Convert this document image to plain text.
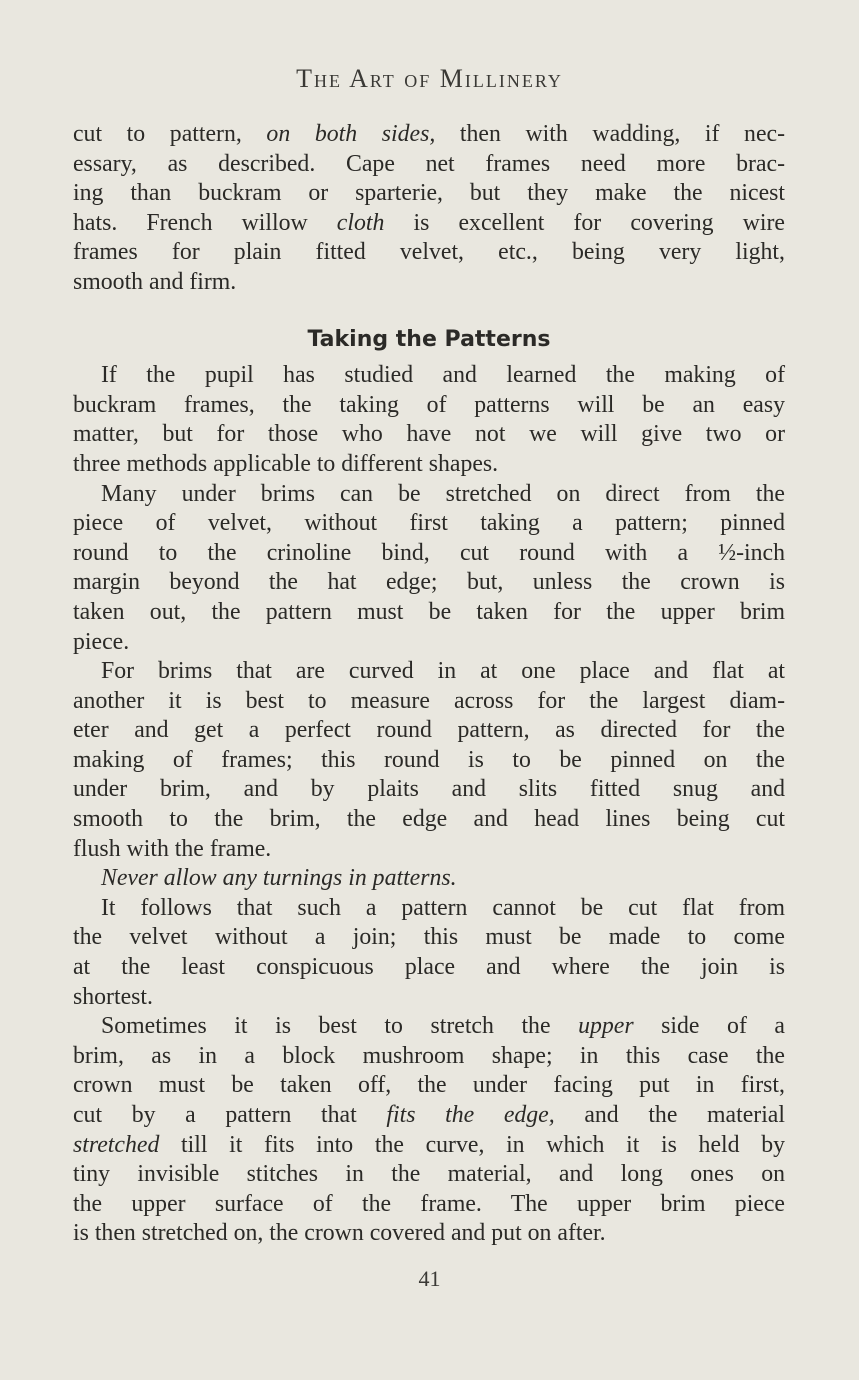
The Art of Millinery
cut to pattern, on both sides, then with wadding, if nec-
essary, as described. Cape net frames need more brac-
ing than buckram or sparterie, but they make the nicest
hats. French willow cloth is excellent for covering wire
frames for plain fitted velvet, etc., being very light,
smooth and firm.
Taking the Patterns
If the pupil has studied and learned the making of
buckram frames, the taking of patterns will be an easy
matter, but for those who have not we will give two or
three methods applicable to different shapes.
Many under brims can be stretched on direct from the
piece of velvet, without first taking a pattern; pinned
round to the crinoline bind, cut round with a ½-inch
margin beyond the hat edge; but, unless the crown is
taken out, the pattern must be taken for the upper brim
piece.
For brims that are curved in at one place and flat at
another it is best to measure across for the largest diam-
eter and get a perfect round pattern, as directed for the
making of frames; this round is to be pinned on the
under brim, and by plaits and slits fitted snug and
smooth to the brim, the edge and head lines being cut
flush with the frame.
Never allow any turnings in patterns.
It follows that such a pattern cannot be cut flat from
the velvet without a join; this must be made to come
at the least conspicuous place and where the join is
shortest.
Sometimes it is best to stretch the upper side of a
brim, as in a block mushroom shape; in this case the
crown must be taken off, the under facing put in first,
cut by a pattern that fits the edge, and the material
stretched till it fits into the curve, in which it is held by
tiny invisible stitches in the material, and long ones on
the upper surface of the frame. The upper brim piece
is then stretched on, the crown covered and put on after.
41
